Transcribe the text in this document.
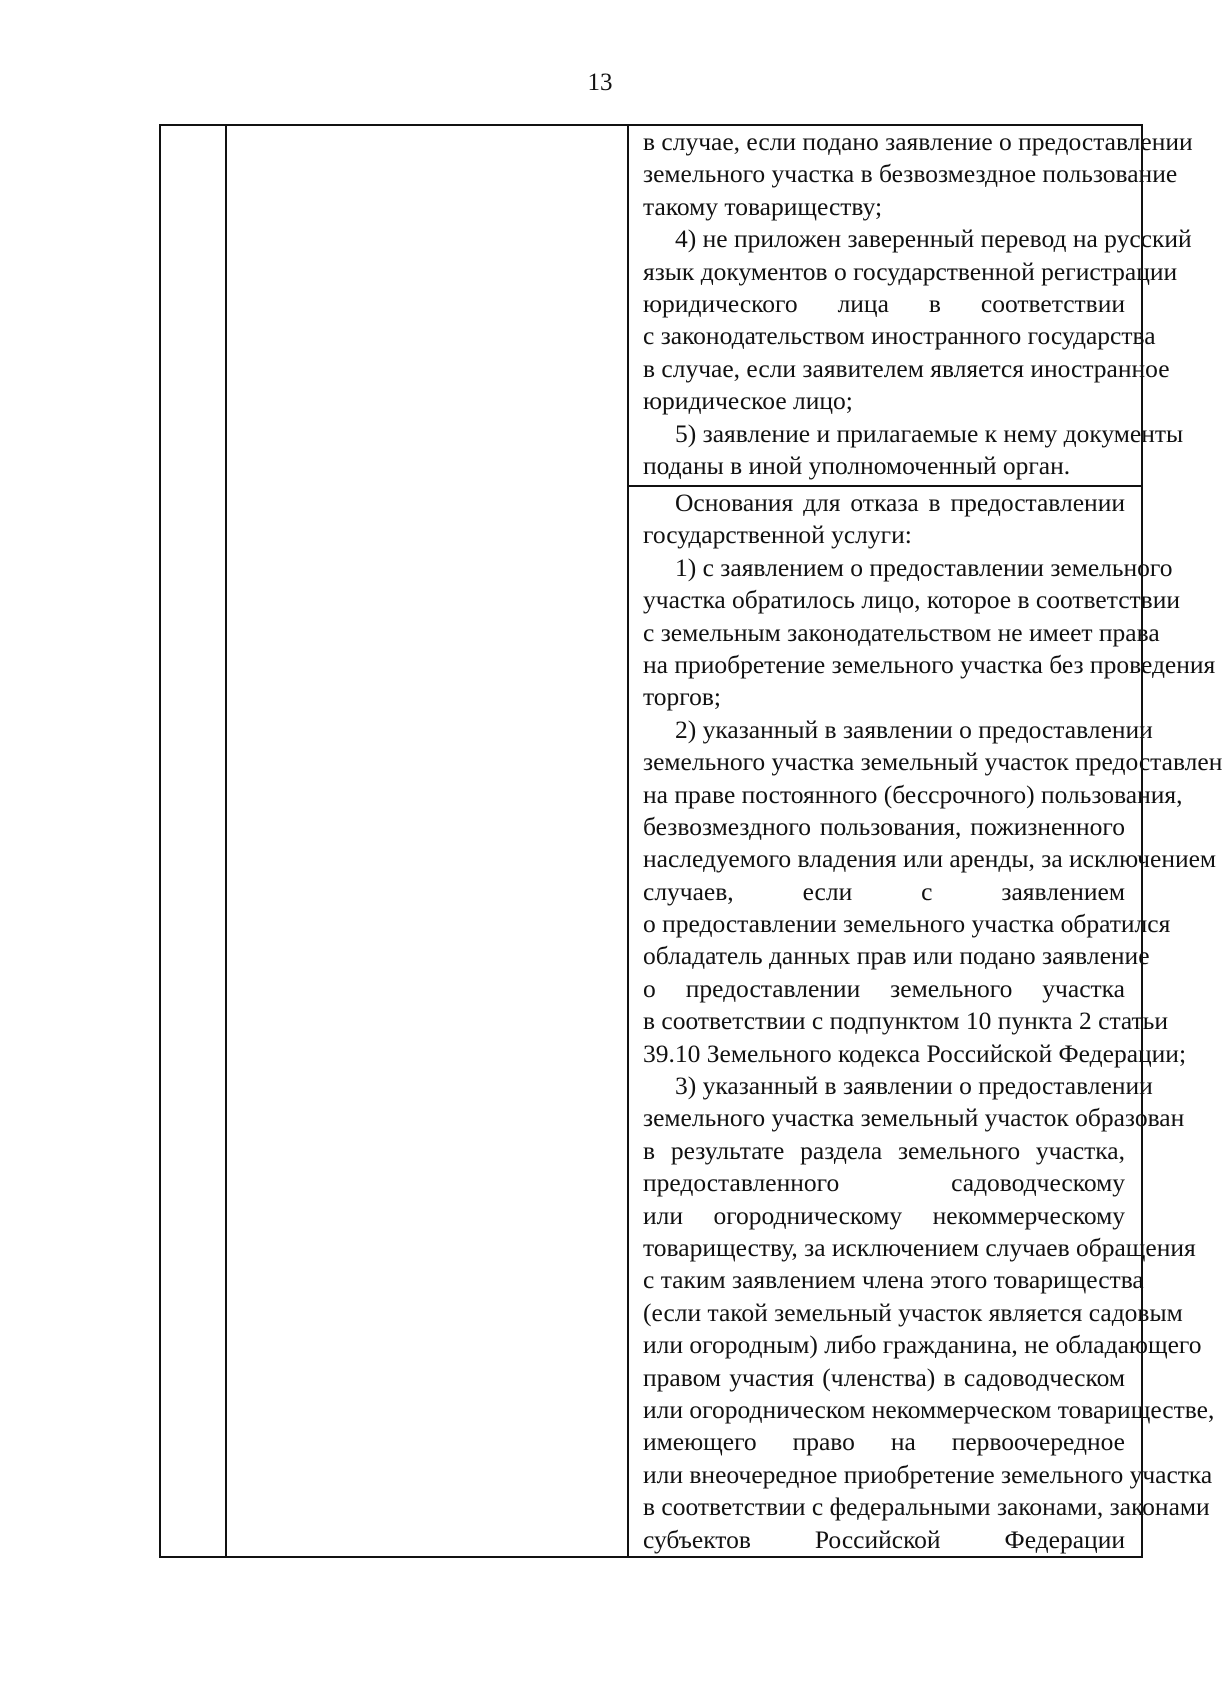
13
в случае, если подано заявление о предоставлении
земельного участка в безвозмездное пользование
такому товариществу;
4) не приложен заверенный перевод на русский
язык документов о государственной регистрации
юридического лица в соответствии
с законодательством иностранного государства
в случае, если заявителем является иностранное
юридическое лицо;
5) заявление и прилагаемые к нему документы
поданы в иной уполномоченный орган.
Основания для отказа в предоставлении
государственной услуги:
1) с заявлением о предоставлении земельного
участка обратилось лицо, которое в соответствии
с земельным законодательством не имеет права
на приобретение земельного участка без проведения
торгов;
2) указанный в заявлении о предоставлении
земельного участка земельный участок предоставлен
на праве постоянного (бессрочного) пользования,
безвозмездного пользования, пожизненного
наследуемого владения или аренды, за исключением
случаев, если с заявлением
о предоставлении земельного участка обратился
обладатель данных прав или подано заявление
о предоставлении земельного участка
в соответствии с подпунктом 10 пункта 2 статьи
39.10 Земельного кодекса Российской Федерации;
3) указанный в заявлении о предоставлении
земельного участка земельный участок образован
в результате раздела земельного участка,
предоставленного садоводческому
или огородническому некоммерческому
товариществу, за исключением случаев обращения
с таким заявлением члена этого товарищества
(если такой земельный участок является садовым
или огородным) либо гражданина, не обладающего
правом участия (членства) в садоводческом
или огородническом некоммерческом товариществе,
имеющего право на первоочередное
или внеочередное приобретение земельного участка
в соответствии с федеральными законами, законами
субъектов Российской Федерации
